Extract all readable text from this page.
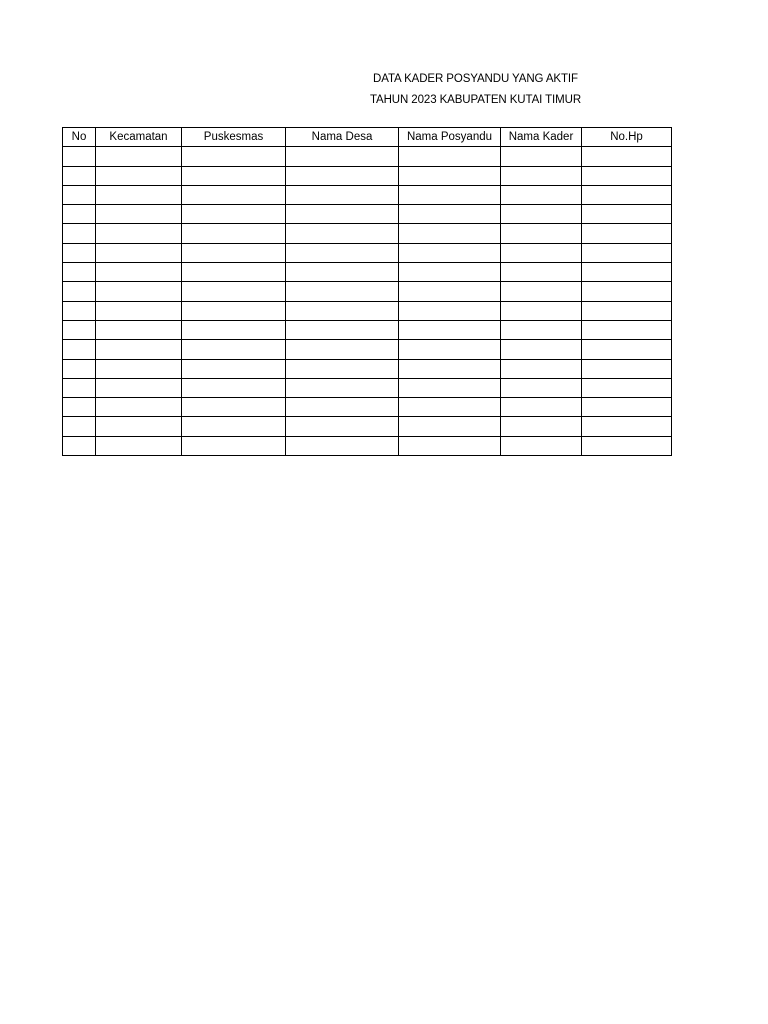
DATA KADER POSYANDU YANG AKTIF
TAHUN 2023 KABUPATEN KUTAI TIMUR
No	Kecamatan	Puskesmas	Nama Desa	Nama Posyandu	Nama Kader	No.Hp
